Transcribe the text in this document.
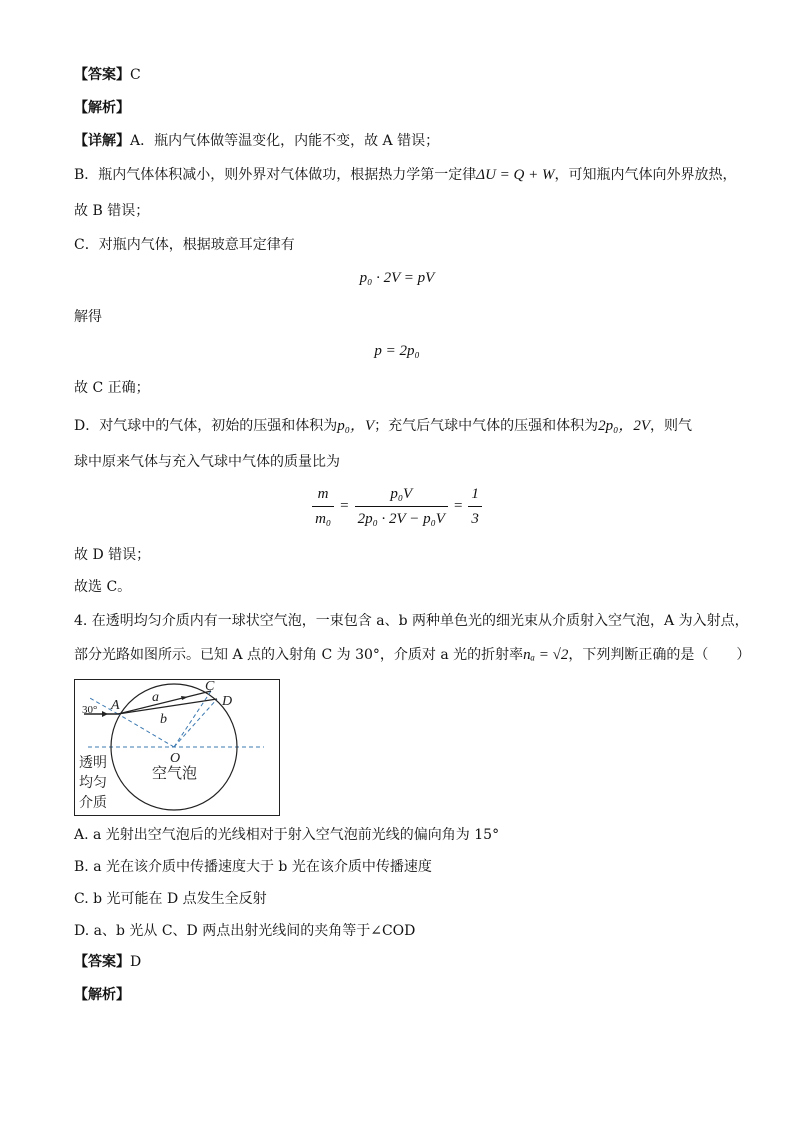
【答案】C
【解析】
【详解】A．瓶内气体做等温变化，内能不变，故 A 错误；
B．瓶内气体体积减小，则外界对气体做功，根据热力学第一定律ΔU = Q + W，可知瓶内气体向外界放热，
故 B 错误；
C．对瓶内气体，根据玻意耳定律有
p₀ · 2V = pV
解得
p = 2p₀
故 C 正确；
D．对气球中的气体，初始的压强和体积为p₀，V；充气后气球中气体的压强和体积为2p₀，2V，则气
球中原来气体与充入气球中气体的质量比为
$\frac{m}{\text{m₀}} = \frac{\text{p₀V}}{\text{2p₀ · 2V − p₀V}} = \frac{1}{3}$
故 D 错误；
故选 C。
4. 在透明均匀介质内有一球状空气泡，一束包含 a、b 两种单色光的细光束从介质射入空气泡，A 为入射点，
部分光路如图所示。已知 A 点的入射角 C 为 30°，介质对 a 光的折射率nₐ = √2，下列判断正确的是（　　）
30° A
a
b
C
D
O
空气泡
透明
均匀
介质
A. a 光射出空气泡后的光线相对于射入空气泡前光线的偏向角为 15°
B. a 光在该介质中传播速度大于 b 光在该介质中传播速度
C. b 光可能在 D 点发生全反射
D. a、b 光从 C、D 两点出射光线间的夹角等于∠COD
【答案】D
【解析】
